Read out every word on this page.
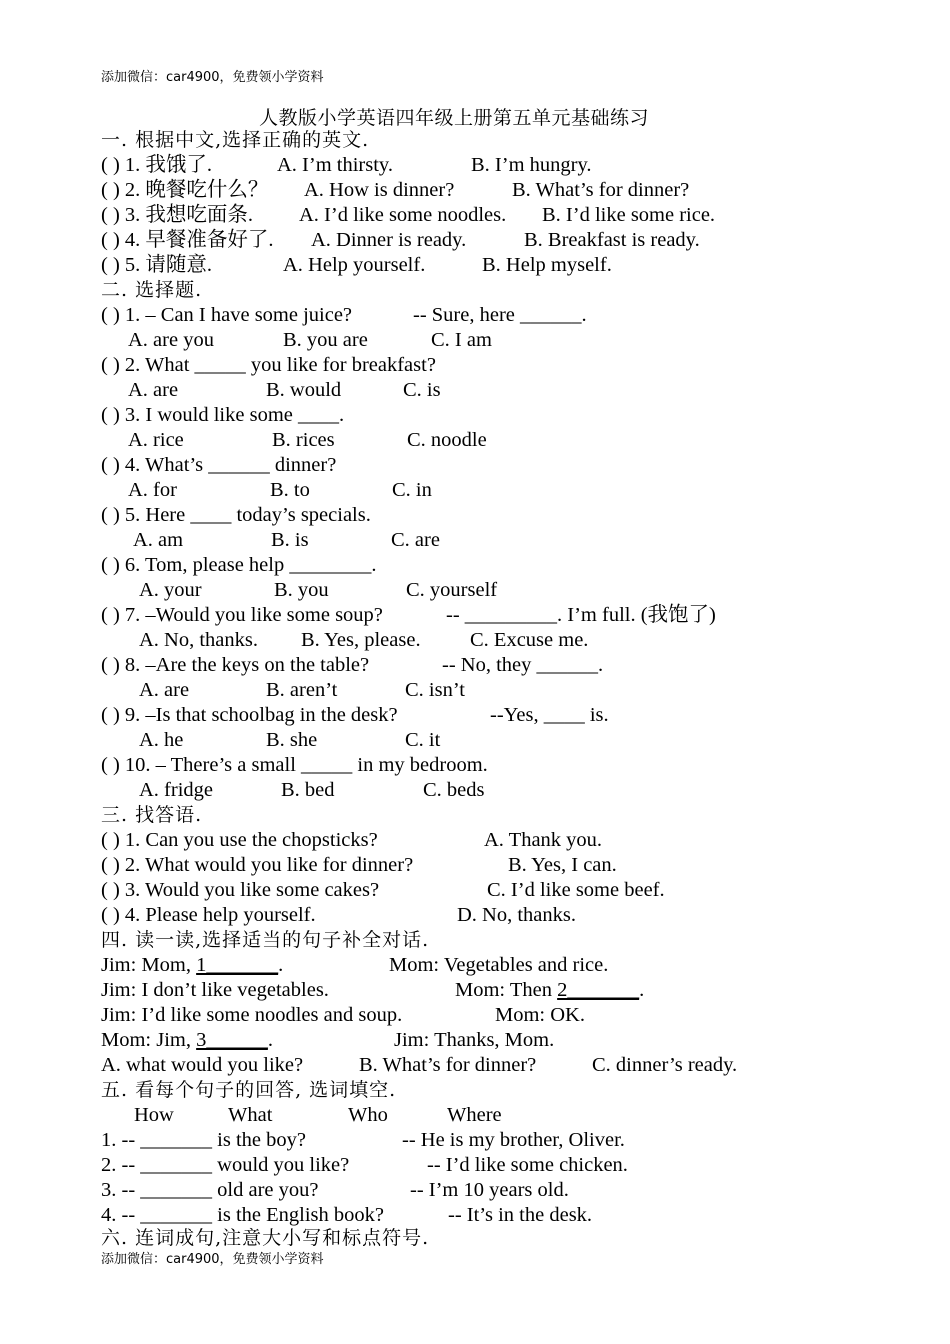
添加微信：car4900，免费领小学资料
人教版小学英语四年级上册第五单元基础练习
一. 根据中文,选择正确的英文.
( ) 1. 我饿了.	A. I’m thirsty.	B. I’m hungry.
( ) 2. 晚餐吃什么？ A. How is dinner?	B. What’s for dinner?
( ) 3. 我想吃面条. A. I’d like some noodles. B. I’d like some rice.
( ) 4. 早餐准备好了. A. Dinner is ready.	B. Breakfast is ready.
( ) 5. 请随意.	A. Help yourself.	B. Help myself.
二. 选择题.
( ) 1. – Can I have some juice?	-- Sure, here ______.
A. are you	B. you are	C. I am
( ) 2. What _____ you like for breakfast?
A. are	B. would	C. is
( ) 3. I would like some ____.
A. rice	B. rices	C. noodle
( ) 4. What’s ______ dinner?
A. for	B. to	C. in
( ) 5. Here ____ today’s specials.
A. am	B. is	C. are
( ) 6. Tom, please help ________.
A. your	B. you	C. yourself
( ) 7. –Would you like some soup?	-- _________. I’m full. (我饱了)
A. No, thanks. B. Yes, please. C. Excuse me.
( ) 8. –Are the keys on the table?	-- No, they ______.
A. are	B. aren’t	C. isn’t
( ) 9. –Is that schoolbag in the desk?	--Yes, ____ is.
A. he	B. she	C. it
( ) 10. – There’s a small _____ in my bedroom.
A. fridge	B. bed	C. beds
三. 找答语.
( ) 1. Can you use the chopsticks?	A. Thank you.
( ) 2. What would you like for dinner?	B. Yes, I can.
( ) 3. Would you like some cakes?	C. I’d like some beef.
( ) 4. Please help yourself.	D. No, thanks.
四. 读一读,选择适当的句子补全对话.
Jim: Mom, 1_______.	Mom: Vegetables and rice.
Jim: I don’t like vegetables.	Mom: Then 2_______.
Jim: I’d like some noodles and soup.	Mom: OK.
Mom: Jim, 3______.	Jim: Thanks, Mom.
A. what would you like?	B. What’s for dinner?	C. dinner’s ready.
五. 看每个句子的回答, 选词填空.
How	What	Who	Where
1. -- _______ is the boy?	-- He is my brother, Oliver.
2. -- _______ would you like?	-- I’d like some chicken.
3. -- _______ old are you?	-- I’m 10 years old.
4. -- _______ is the English book?	-- It’s in the desk.
六. 连词成句,注意大小写和标点符号.
添加微信：car4900，免费领小学资料
